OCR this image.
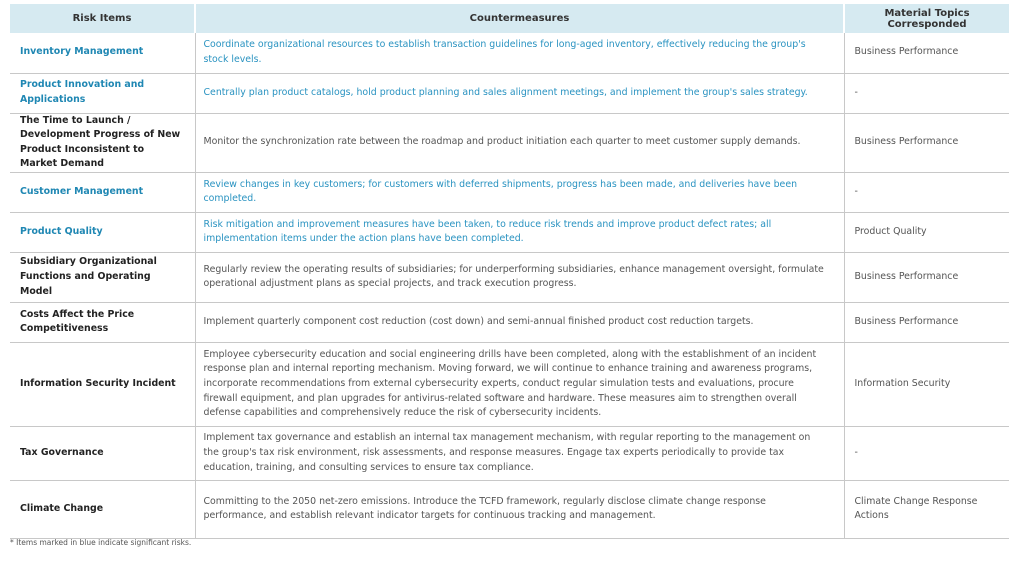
Risk Items	Countermeasures	Material Topics Corresponded
Inventory Management	Coordinate organizational resources to establish transaction guidelines for long-aged inventory, effectively reducing the group's stock levels.	Business Performance
Product Innovation and Applications	Centrally plan product catalogs, hold product planning and sales alignment meetings, and implement the group's sales strategy.	-
The Time to Launch / Development Progress of New Product Inconsistent to Market Demand	Monitor the synchronization rate between the roadmap and product initiation each quarter to meet customer supply demands.	Business Performance
Customer Management	Review changes in key customers; for customers with deferred shipments, progress has been made, and deliveries have been completed.	-
Product Quality	Risk mitigation and improvement measures have been taken, to reduce risk trends and improve product defect rates; all implementation items under the action plans have been completed.	Product Quality
Subsidiary Organizational Functions and Operating Model	Regularly review the operating results of subsidiaries; for underperforming subsidiaries, enhance management oversight, formulate operational adjustment plans as special projects, and track execution progress.	Business Performance
Costs Affect the Price Competitiveness	Implement quarterly component cost reduction (cost down) and semi-annual finished product cost reduction targets.	Business Performance
Information Security Incident	Employee cybersecurity education and social engineering drills have been completed, along with the establishment of an incident response plan and internal reporting mechanism. Moving forward, we will continue to enhance training and awareness programs, incorporate recommendations from external cybersecurity experts, conduct regular simulation tests and evaluations, procure firewall equipment, and plan upgrades for antivirus-related software and hardware. These measures aim to strengthen overall defense capabilities and comprehensively reduce the risk of cybersecurity incidents.	Information Security
Tax Governance	Implement tax governance and establish an internal tax management mechanism, with regular reporting to the management on the group's tax risk environment, risk assessments, and response measures. Engage tax experts periodically to provide tax education, training, and consulting services to ensure tax compliance.	-
Climate Change	Committing to the 2050 net-zero emissions. Introduce the TCFD framework, regularly disclose climate change response performance, and establish relevant indicator targets for continuous tracking and management.	Climate Change Response Actions
* Items marked in blue indicate significant risks.
